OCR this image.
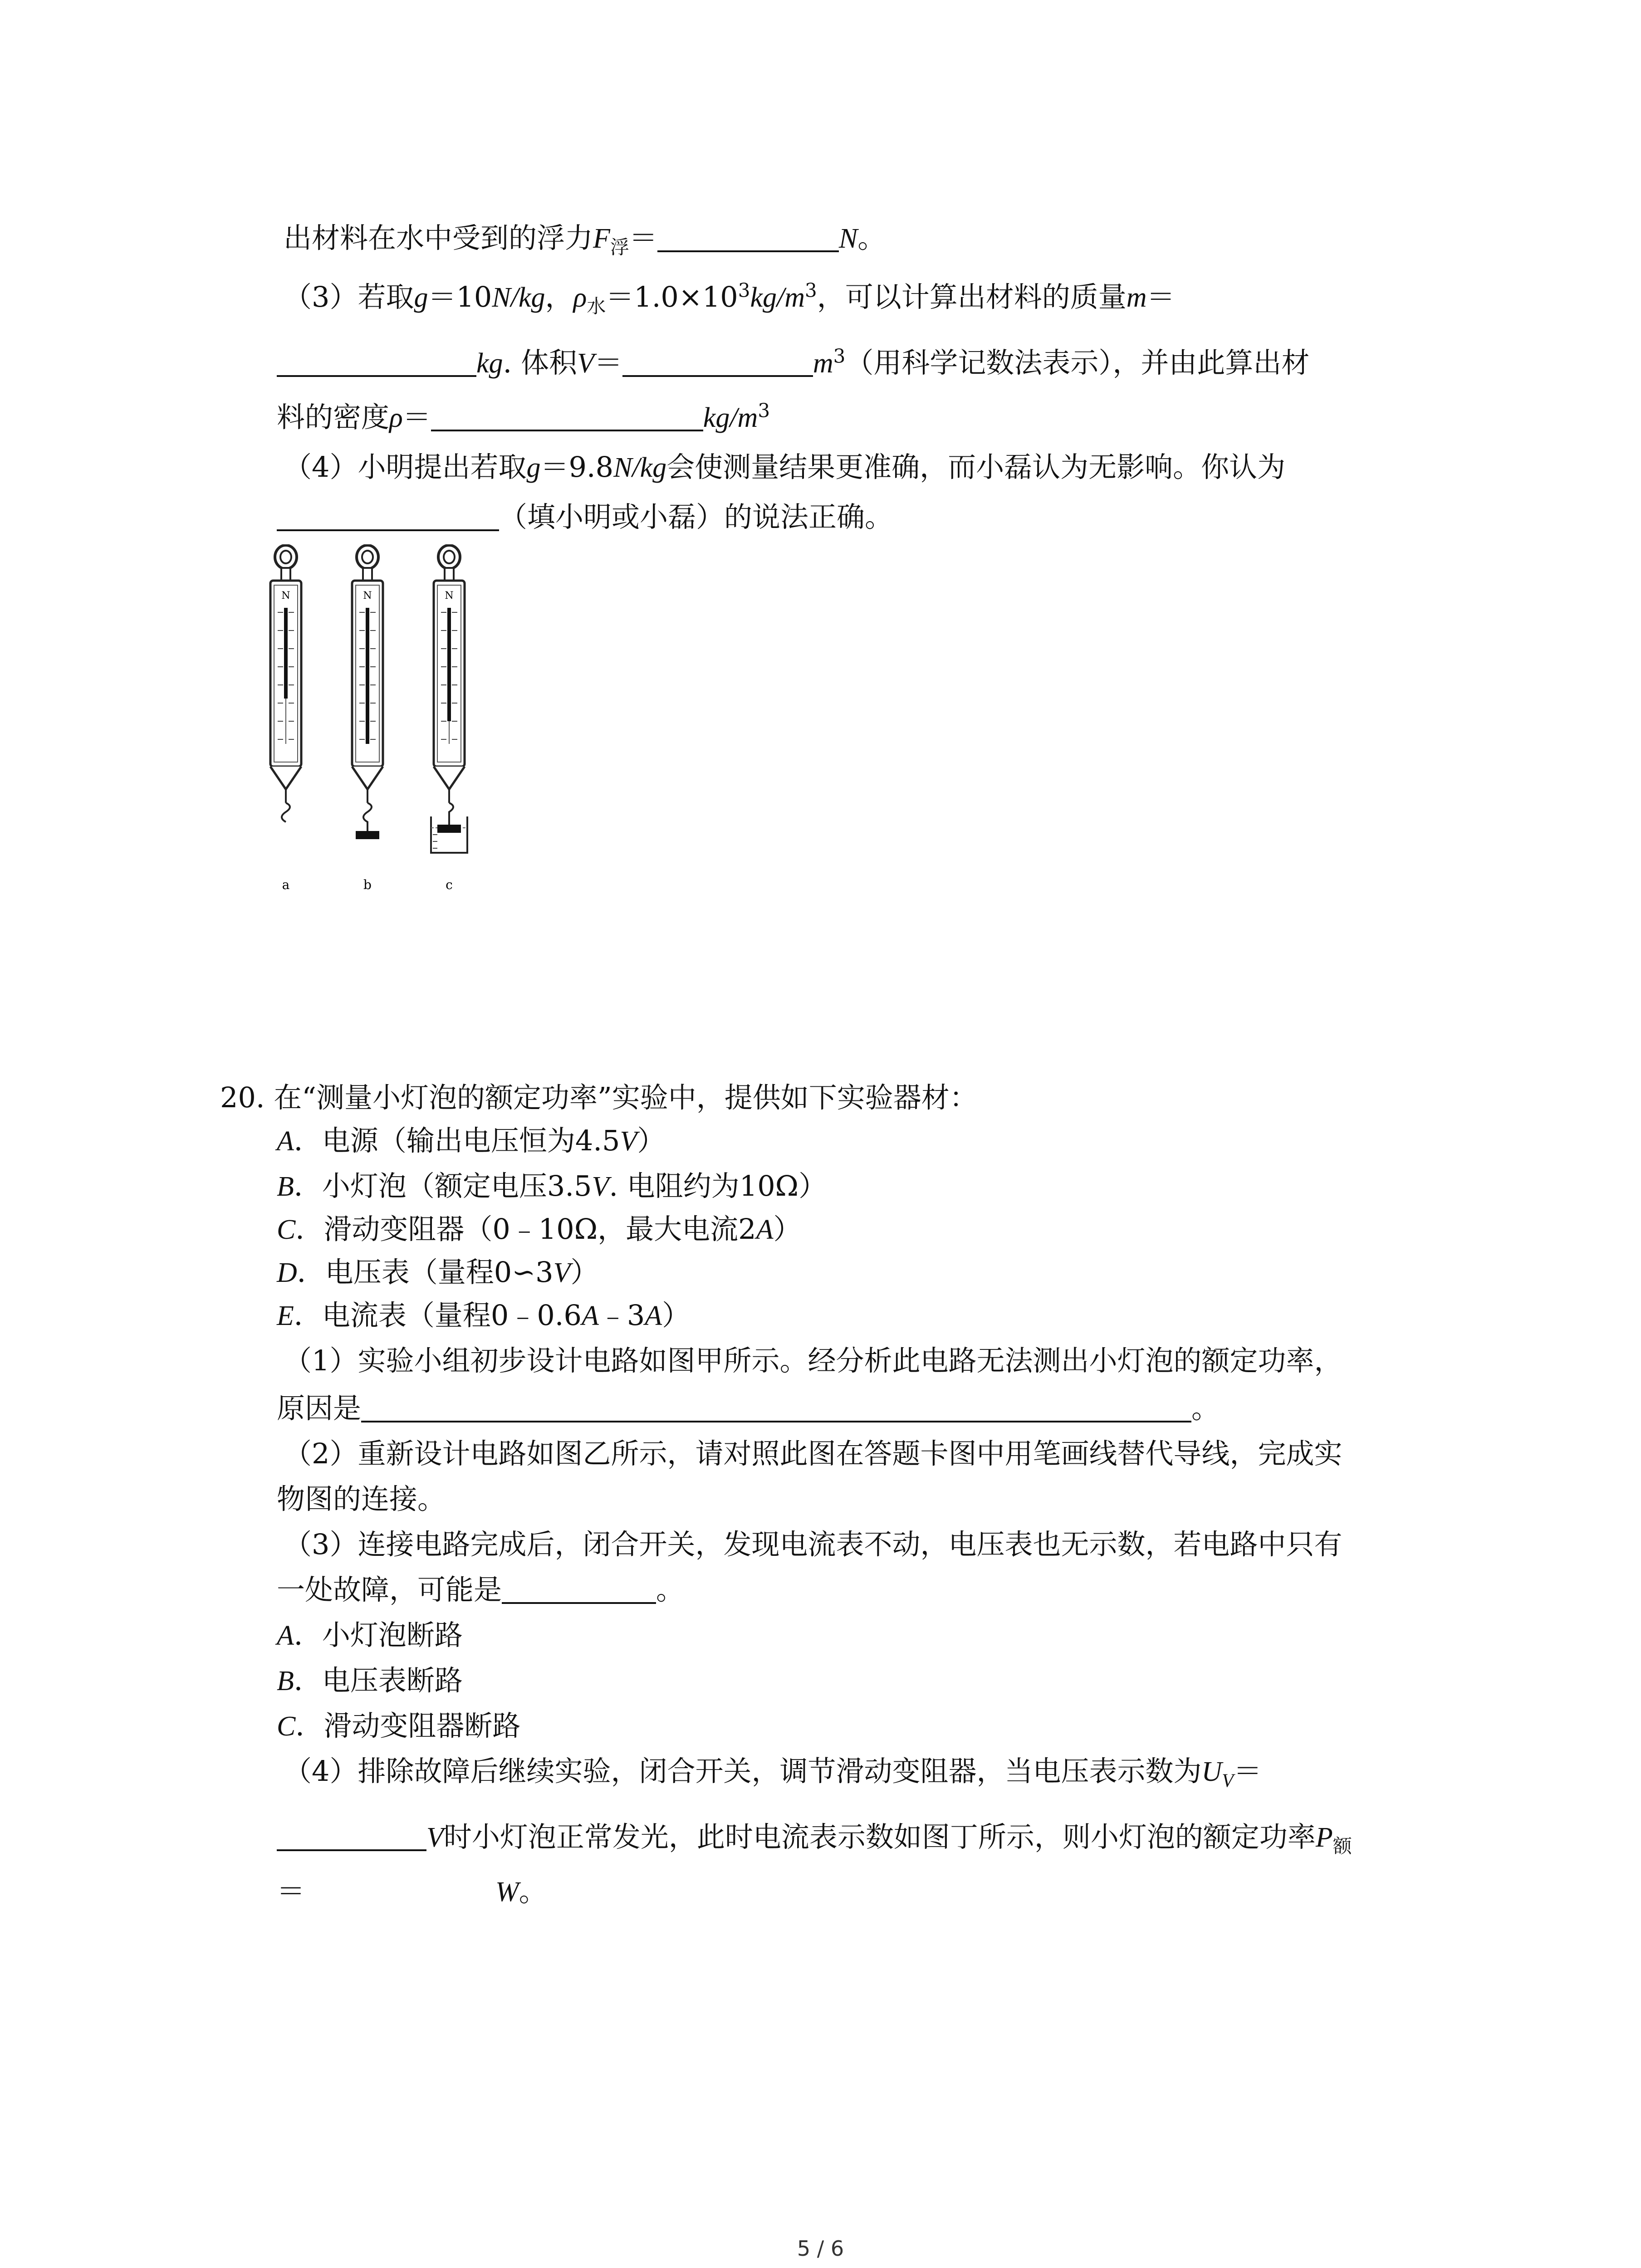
出材料在水中受到的浮力$F_浮=$	N。
（3）若取g＝10N/kg，$\rho_水=1.0\times 10^3kg/m^3$，可以计算出材料的质量m＝
kg. 体积V＝	$m^3$（用科学记数法表示），并由此算出材
料的密度ρ＝	$kg/m^3$
（4）小明提出若取g＝9.8N/kg会使测量结果更准确，而小磊认为无影响。你认为
（填小明或小磊）的说法正确。
N
a
N
b
N
c
20. 在“测量小灯泡的额定功率”实验中，提供如下实验器材：
A．电源（输出电压恒为4.5V）
B．小灯泡（额定电压3.5V. 电阻约为10Ω）
C．滑动变阻器（0﹣10Ω，最大电流2A）
D．电压表（量程0∽3V）
E．电流表（量程0﹣0.6A﹣3A）
（1）实验小组初步设计电路如图甲所示。经分析此电路无法测出小灯泡的额定功率，
原因是	。
（2）重新设计电路如图乙所示，请对照此图在答题卡图中用笔画线替代导线，完成实
物图的连接。
（3）连接电路完成后，闭合开关，发现电流表不动，电压表也无示数，若电路中只有
一处故障，可能是	。
A．小灯泡断路
B．电压表断路
C．滑动变阻器断路
（4）排除故障后继续实验，闭合开关，调节滑动变阻器，当电压表示数为$U_V=$
V时小灯泡正常发光，此时电流表示数如图丁所示，则小灯泡的额定功率$P_额$
＝	W。
5 / 6
